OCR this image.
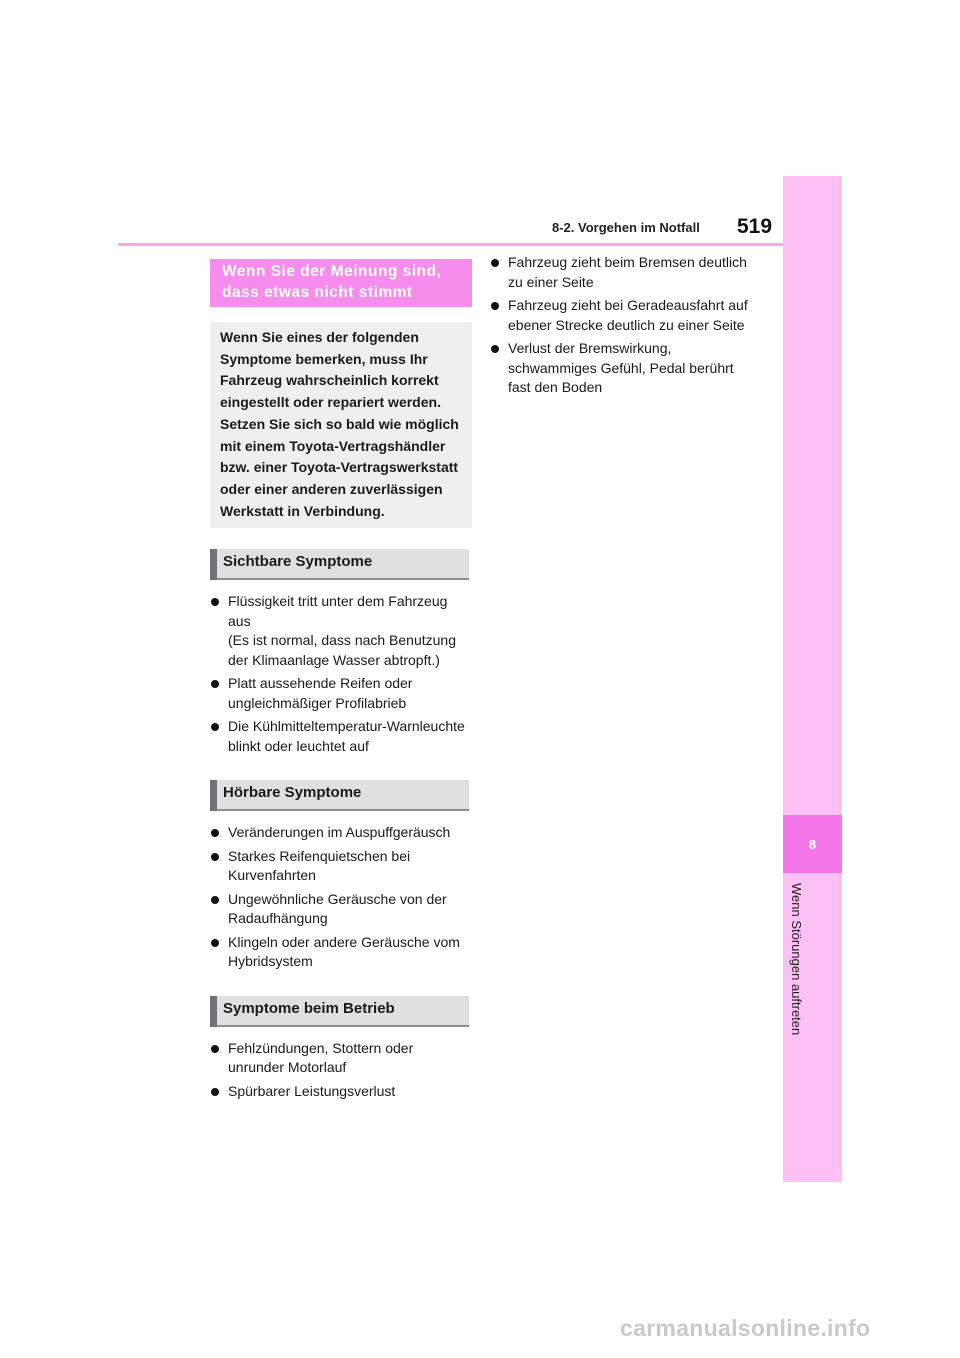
8
Wenn Störungen auftreten
8-2. Vorgehen im Notfall 519
Wenn Sie der Meinung sind, dass etwas nicht stimmt
Wenn Sie eines der folgenden Symptome bemerken, muss Ihr Fahrzeug wahrscheinlich korrekt eingestellt oder repariert werden. Setzen Sie sich so bald wie möglich mit einem Toyota-Vertragshändler bzw. einer Toyota-Vertragswerkstatt oder einer anderen zuverlässigen Werkstatt in Verbindung.
Sichtbare Symptome
Flüssigkeit tritt unter dem Fahrzeug aus
(Es ist normal, dass nach Benutzung der Klimaanlage Wasser abtropft.)
Platt aussehende Reifen oder ungleichmäßiger Profilabrieb
Die Kühlmitteltemperatur-Warnleuchte blinkt oder leuchtet auf
Hörbare Symptome
Veränderungen im Auspuffgeräusch
Starkes Reifenquietschen bei Kurvenfahrten
Ungewöhnliche Geräusche von der Radaufhängung
Klingeln oder andere Geräusche vom Hybridsystem
Symptome beim Betrieb
Fehlzündungen, Stottern oder unrunder Motorlauf
Spürbarer Leistungsverlust
Fahrzeug zieht beim Bremsen deutlich zu einer Seite
Fahrzeug zieht bei Geradeausfahrt auf ebener Strecke deutlich zu einer Seite
Verlust der Bremswirkung, schwammiges Gefühl, Pedal berührt fast den Boden
carmanualsonline.info
